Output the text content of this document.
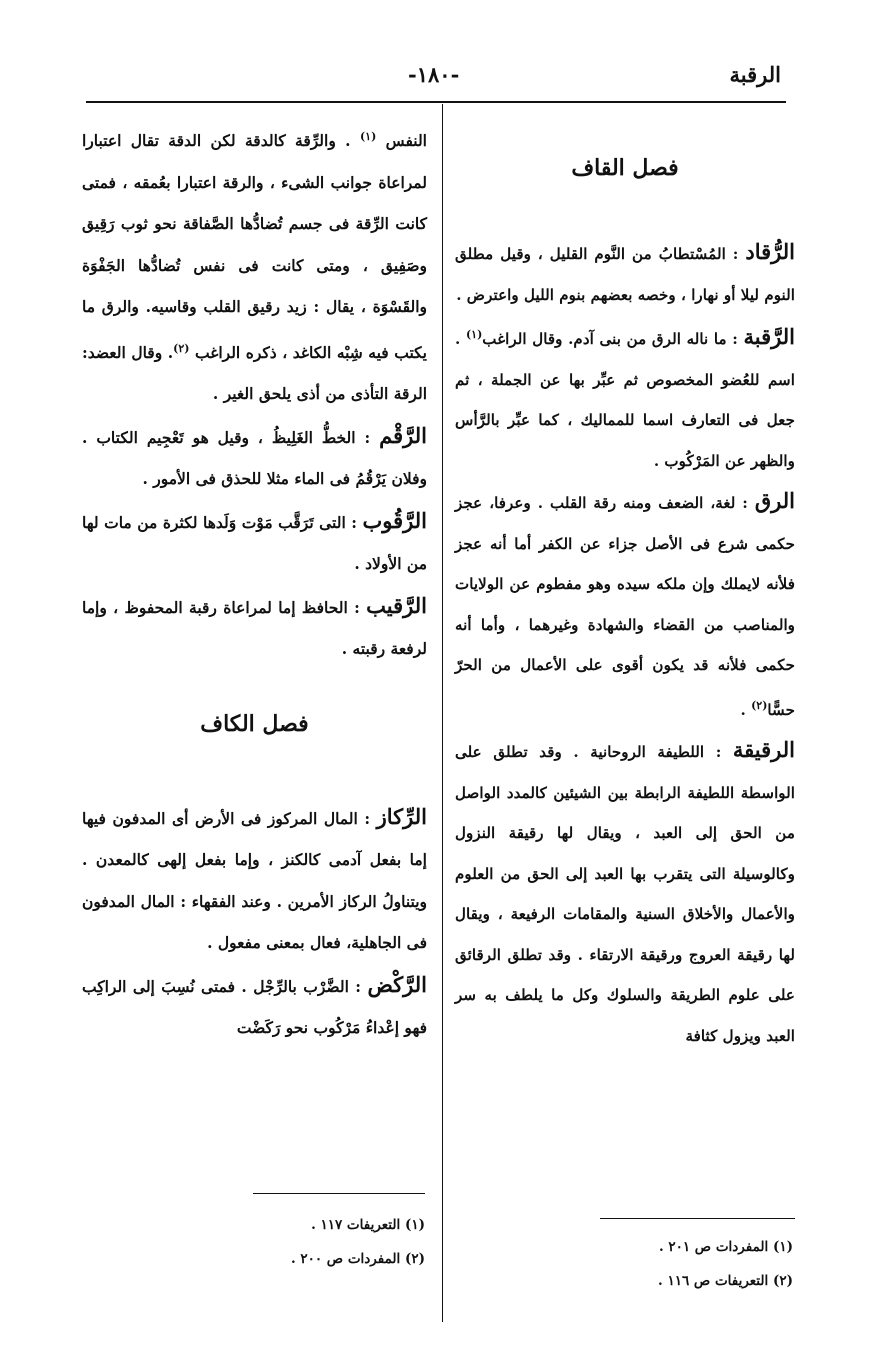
الرقبة
-١٨٠-
فصل القاف

الرُّقاد : المُسْتطابُ من النَّوم القليل ، وقيل مطلق النوم ليلا أو نهارا ، وخصه بعضهم بنوم الليل واعترض .

الرَّقبة : ما ناله الرق من بنى آدم. وقال الراغب$^{(١)}$ . اسم للعُضو المخصوص ثم عبِّر بها عن الجملة ، ثم جعل فى التعارف اسما للمماليك ، كما عبِّر بالرَّأس والظهر عن المَرْكُوب .

الرق : لغة، الضعف ومنه رقة القلب . وعرفا، عجز حكمى شرع فى الأصل جزاء عن الكفر أما أنه عجز فلأنه لايملك وإن ملكه سيده وهو مفطوم عن الولايات والمناصب من القضاء والشهادة وغيرهما ، وأما أنه حكمى فلأنه قد يكون أقوى على الأعمال من الحرّ حسًّا$^{(٢)}$ .

الرقيقة : اللطيفة الروحانية . وقد تطلق على الواسطة اللطيفة الرابطة بين الشيئين كالمدد الواصل من الحق إلى العبد ، ويقال لها رقيقة النزول وكالوسيلة التى يتقرب بها العبد إلى الحق من العلوم والأعمال والأخلاق السنية والمقامات الرفيعة ، ويقال لها رقيقة العروج ورقيقة الارتقاء . وقد تطلق الرقائق على علوم الطريقة والسلوك وكل ما يلطف به سر العبد ويزول كثافة

النفس $^{(١)}$ . والرِّقة كالدقة لكن الدقة تقال اعتبارا لمراعاة جوانب الشىء ، والرقة اعتبارا بعُمقه ، فمتى كانت الرِّقة فى جسم تُضادُّها الصَّفاقة نحو ثوب رَقِيق وصَفِيق ، ومتى كانت فى نفس تُضادُّها الجَفْوَة والقَسْوَة ، يقال : زيد رقيق القلب وقاسيه. والرق ما يكتب فيه شِبْه الكاغد ، ذكره الراغب $^{(٢)}$. وقال العضد: الرقة التأذى من أذى يلحق الغير .

الرَّقْم : الخطُّ الغَلِيظُ ، وقيل هو تَعْجِيم الكتاب . وفلان يَرْقُمُ فى الماء مثلا للحذق فى الأمور .

الرَّقُوب : التى تَرَقَّب مَوْت وَلَدها لكثرة من مات لها من الأولاد .

الرَّقيب : الحافظ إما لمراعاة رقبة المحفوظ ، وإما لرفعة رقبته .

فصل الكاف

الرِّكاز : المال المركوز فى الأرض أى المدفون فيها إما بفعل آدمى كالكنز ، وإما بفعل إلهى كالمعدن . ويتناولُ الركاز الأمرين . وعند الفقهاء : المال المدفون فى الجاهلية، فعال بمعنى مفعول .

الرَّكْض : الضَّرْب بالرِّجْل . فمتى نُسِبَ إلى الراكِب فهو إعْداءُ مَرْكُوب نحو رَكَضْت

(١) المفردات ص ٢٠١ .

(٢) التعريفات ص ١١٦ .

(١) التعريفات ١١٧ .

(٢) المفردات ص ٢٠٠ .
